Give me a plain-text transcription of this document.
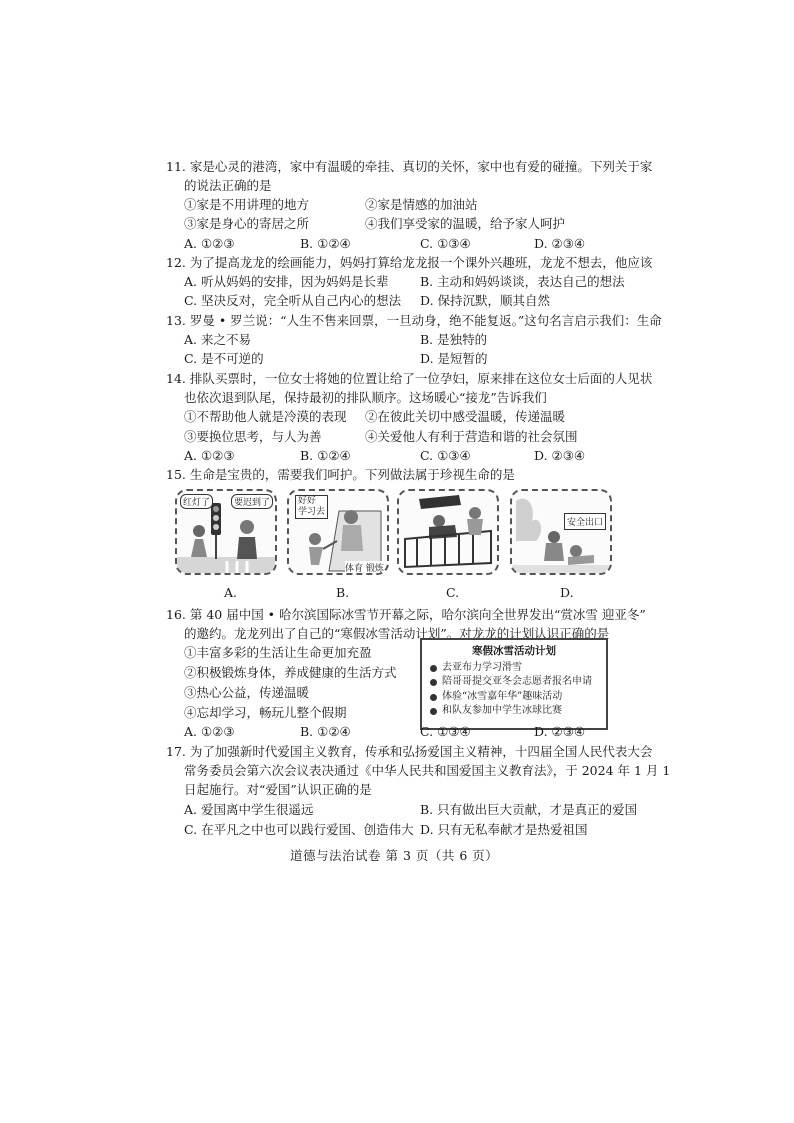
11. 家是心灵的港湾，家中有温暖的牵挂、真切的关怀，家中也有爱的碰撞。下列关于家
的说法正确的是
①家是不用讲理的地方	②家是情感的加油站
③家是身心的寄居之所	④我们享受家的温暖，给予家人呵护
A. ①②③	B. ①②④	C. ①③④	D. ②③④
12. 为了提高龙龙的绘画能力，妈妈打算给龙龙报一个课外兴趣班，龙龙不想去，他应该
A. 听从妈妈的安排，因为妈妈是长辈	B. 主动和妈妈谈谈，表达自己的想法
C. 坚决反对，完全听从自己内心的想法 D. 保持沉默，顺其自然
13. 罗曼 • 罗兰说：“人生不售来回票，一旦动身，绝不能复返。”这句名言启示我们：生命
A. 来之不易	B. 是独特的
C. 是不可逆的	D. 是短暂的
14. 排队买票时，一位女士将她的位置让给了一位孕妇，原来排在这位女士后面的人见状
也依次退到队尾，保持最初的排队顺序。这场暖心“接龙”告诉我们
①不帮助他人就是冷漠的表现 ②在彼此关切中感受温暖，传递温暖
③要换位思考，与人为善	④关爱他人有利于营造和谐的社会氛围
A. ①②③	B. ①②④	C. ①③④	D. ②③④
15. 生命是宝贵的，需要我们呵护。下列做法属于珍视生命的是
红灯了	要迟到了	好好
学习去
体育 锻炼
安全出口
A.	B.	C.	D.
16. 第 40 届中国 • 哈尔滨国际冰雪节开幕之际，哈尔滨向全世界发出“赏冰雪 迎亚冬”
的邀约。龙龙列出了自己的“寒假冰雪活动计划”。对龙龙的计划认识正确的是
①丰富多彩的生活让生命更加充盈
②积极锻炼身体，养成健康的生活方式
③热心公益，传递温暖
④忘却学习，畅玩儿整个假期
寒假冰雪活动计划
去亚布力学习滑雪
陪哥哥提交亚冬会志愿者报名申请
体验“冰雪嘉年华”趣味活动
和队友参加中学生冰球比赛
A. ①②③	B. ①②④	C. ①③④	D. ②③④
17. 为了加强新时代爱国主义教育，传承和弘扬爱国主义精神，十四届全国人民代表大会
常务委员会第六次会议表决通过《中华人民共和国爱国主义教育法》，于 2024 年 1 月 1
日起施行。对“爱国”认识正确的是
A. 爱国离中学生很遥远	B. 只有做出巨大贡献，才是真正的爱国
C. 在平凡之中也可以践行爱国、创造伟大 D. 只有无私奉献才是热爱祖国
道德与法治试卷 第 3 页（共 6 页）
